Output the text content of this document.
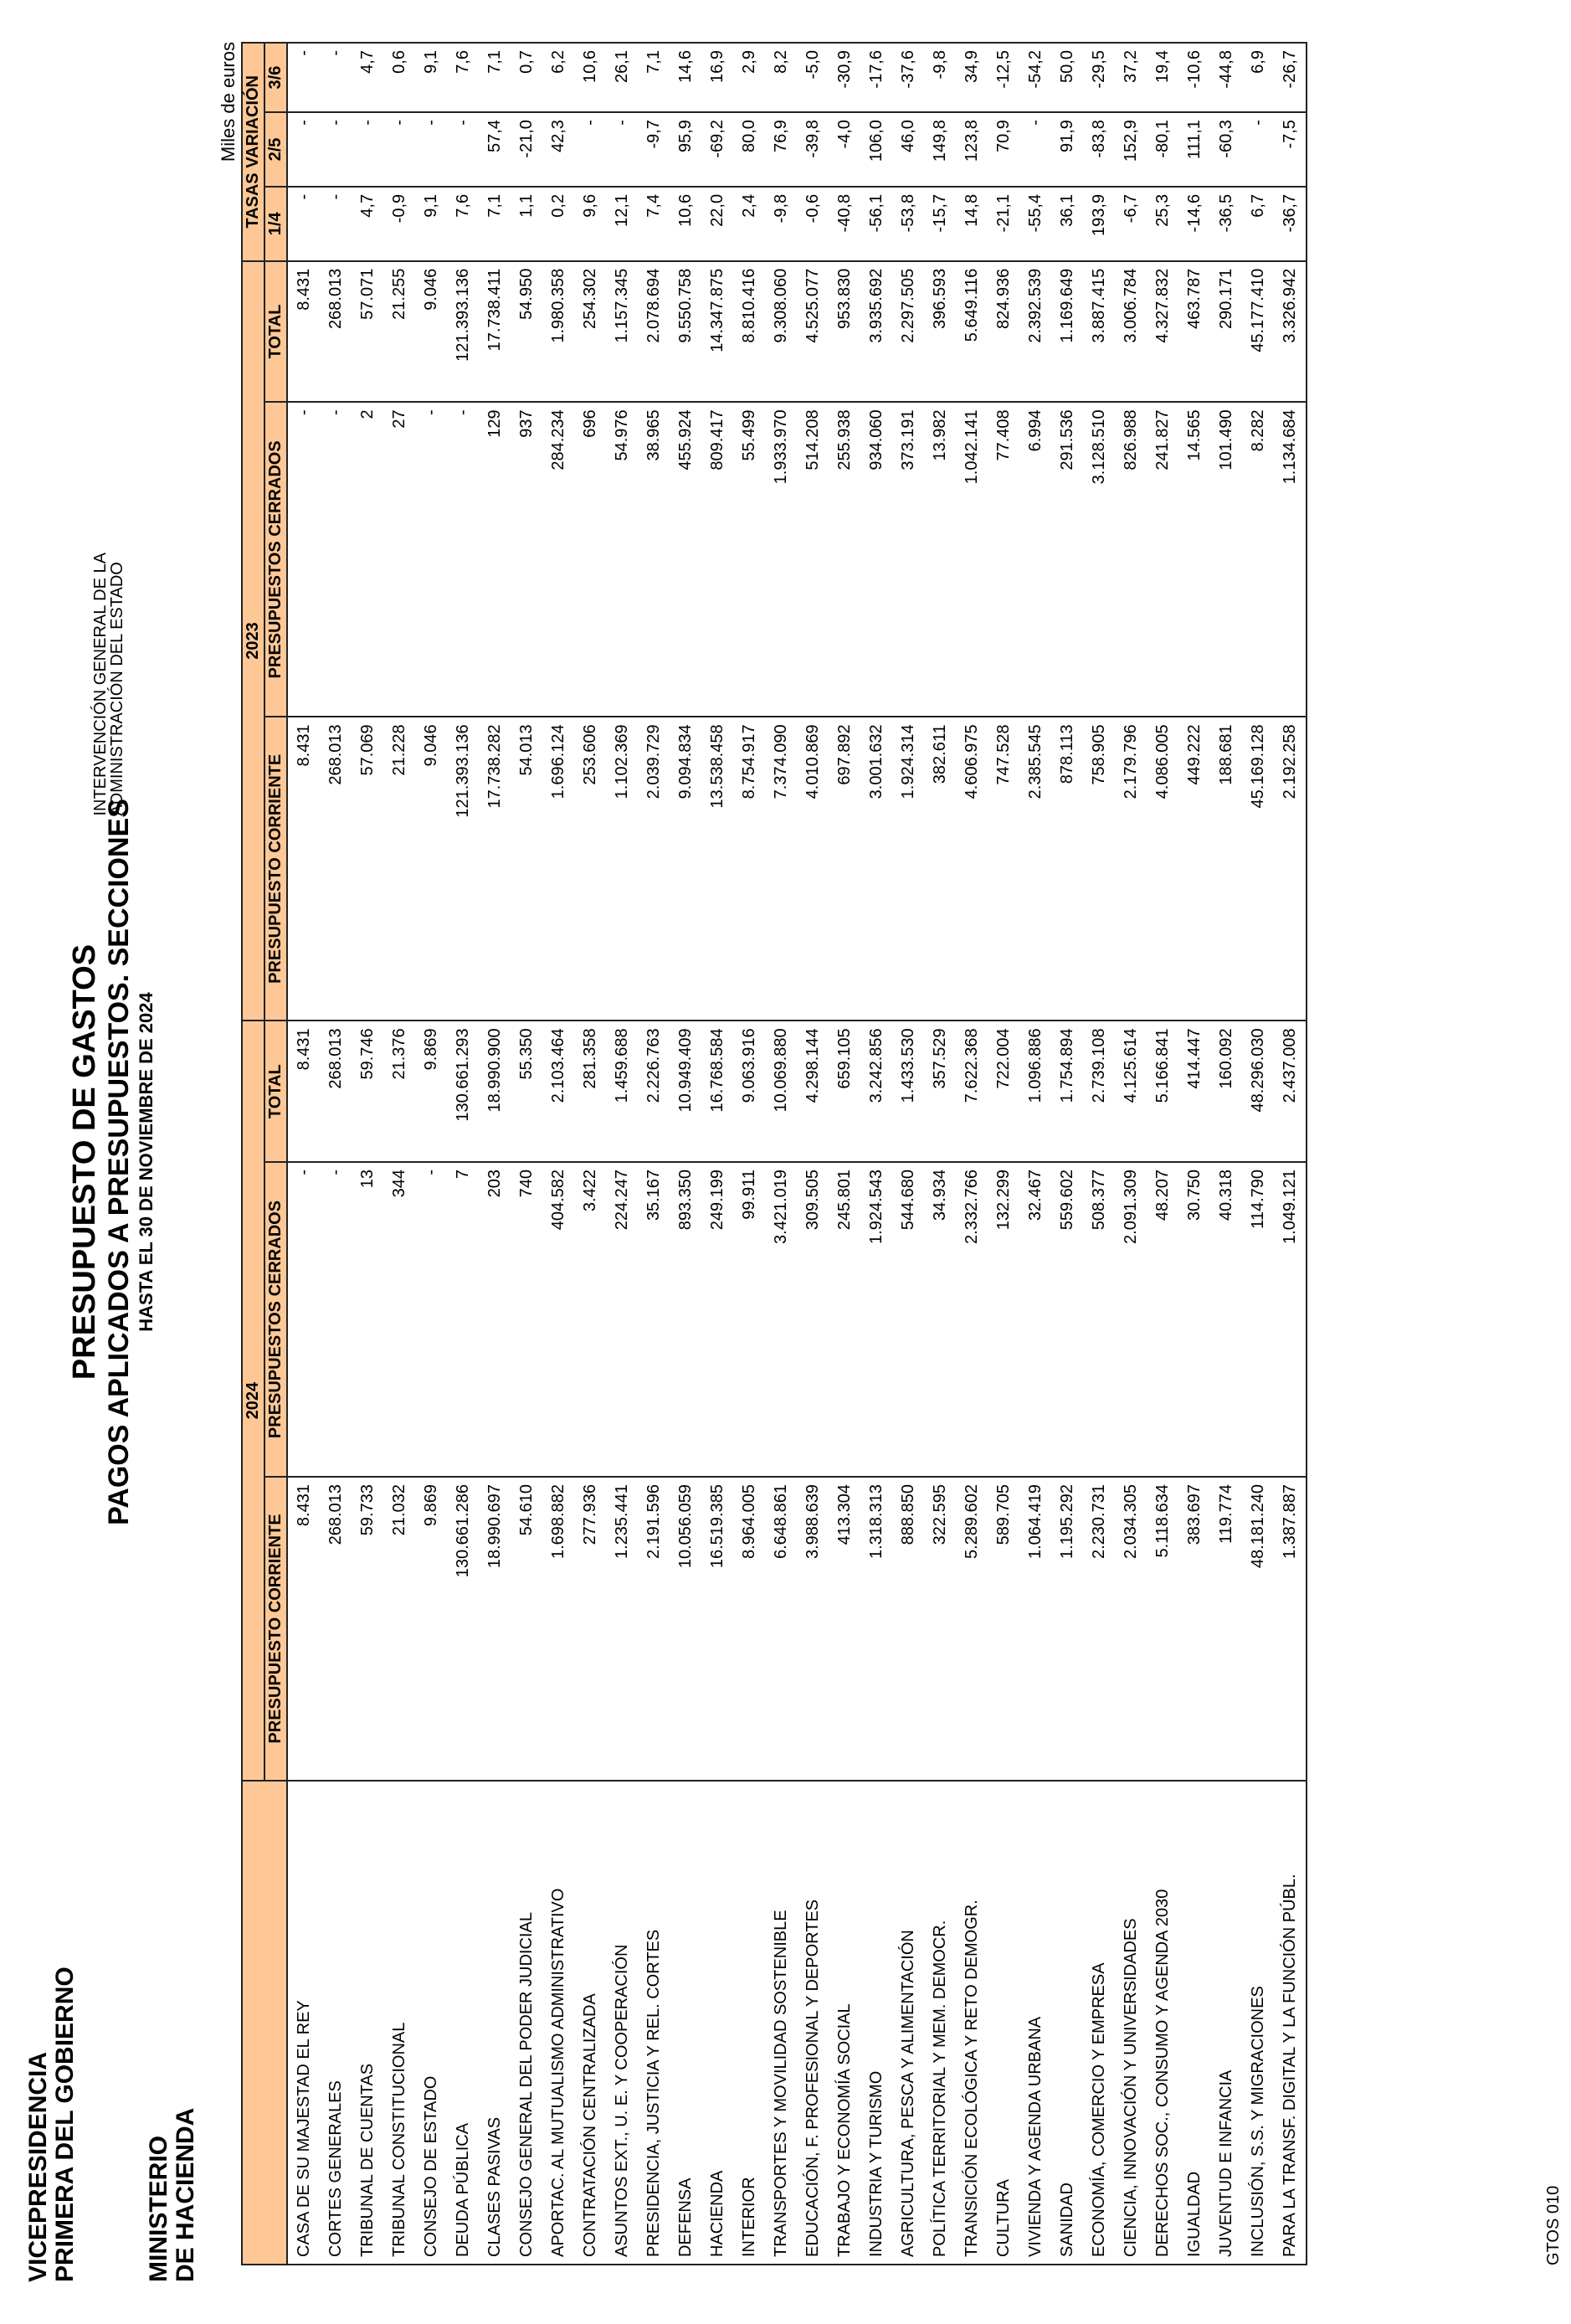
VICEPRESIDENCIA PRIMERA DEL GOBIERNO	MINISTERIO DE HACIENDA
PRESUPUESTO DE GASTOS PAGOS APLICADOS A PRESUPUESTOS. SECCIONES HASTA EL 30 DE NOVIEMBRE DE 2024
INTERVENCIÓN GENERAL DE LA
ADMINISTRACIÓN DEL ESTADO
Miles de euros
	2024			2023			TASAS VARIACIÓN		
	PRESUPUESTO CORRIENTE	PRESUPUESTOS CERRADOS	TOTAL	PRESUPUESTO CORRIENTE	PRESUPUESTOS CERRADOS	TOTAL	1/4	2/5	3/6
CASA DE SU MAJESTAD EL REY	8.431	-	8.431	8.431	-	8.431	-	-	-
CORTES GENERALES	268.013	-	268.013	268.013	-	268.013	-	-	-
TRIBUNAL DE CUENTAS	59.733	13	59.746	57.069	2	57.071	4,7	-	4,7
TRIBUNAL CONSTITUCIONAL	21.032	344	21.376	21.228	27	21.255	-0,9	-	0,6
CONSEJO DE ESTADO	9.869	-	9.869	9.046	-	9.046	9,1	-	9,1
DEUDA PÚBLICA	130.661.286	7	130.661.293	121.393.136	-	121.393.136	7,6	-	7,6
CLASES PASIVAS	18.990.697	203	18.990.900	17.738.282	129	17.738.411	7,1	57,4	7,1
CONSEJO GENERAL DEL PODER JUDICIAL	54.610	740	55.350	54.013	937	54.950	1,1	-21,0	0,7
APORTAC. AL MUTUALISMO ADMINISTRATIVO	1.698.882	404.582	2.103.464	1.696.124	284.234	1.980.358	0,2	42,3	6,2
CONTRATACIÓN CENTRALIZADA	277.936	3.422	281.358	253.606	696	254.302	9,6	-	10,6
ASUNTOS EXT., U. E. Y COOPERACIÓN	1.235.441	224.247	1.459.688	1.102.369	54.976	1.157.345	12,1	-	26,1
PRESIDENCIA, JUSTICIA Y REL. CORTES	2.191.596	35.167	2.226.763	2.039.729	38.965	2.078.694	7,4	-9,7	7,1
DEFENSA	10.056.059	893.350	10.949.409	9.094.834	455.924	9.550.758	10,6	95,9	14,6
HACIENDA	16.519.385	249.199	16.768.584	13.538.458	809.417	14.347.875	22,0	-69,2	16,9
INTERIOR	8.964.005	99.911	9.063.916	8.754.917	55.499	8.810.416	2,4	80,0	2,9
TRANSPORTES Y MOVILIDAD SOSTENIBLE	6.648.861	3.421.019	10.069.880	7.374.090	1.933.970	9.308.060	-9,8	76,9	8,2
EDUCACIÓN, F. PROFESIONAL Y DEPORTES	3.988.639	309.505	4.298.144	4.010.869	514.208	4.525.077	-0,6	-39,8	-5,0
TRABAJO Y ECONOMÍA SOCIAL	413.304	245.801	659.105	697.892	255.938	953.830	-40,8	-4,0	-30,9
INDUSTRIA Y TURISMO	1.318.313	1.924.543	3.242.856	3.001.632	934.060	3.935.692	-56,1	106,0	-17,6
AGRICULTURA, PESCA Y ALIMENTACIÓN	888.850	544.680	1.433.530	1.924.314	373.191	2.297.505	-53,8	46,0	-37,6
POLÍTICA TERRITORIAL Y MEM. DEMOCR.	322.595	34.934	357.529	382.611	13.982	396.593	-15,7	149,8	-9,8
TRANSICIÓN ECOLÓGICA Y RETO DEMOGR.	5.289.602	2.332.766	7.622.368	4.606.975	1.042.141	5.649.116	14,8	123,8	34,9
CULTURA	589.705	132.299	722.004	747.528	77.408	824.936	-21,1	70,9	-12,5
VIVIENDA Y AGENDA URBANA	1.064.419	32.467	1.096.886	2.385.545	6.994	2.392.539	-55,4	-	-54,2
SANIDAD	1.195.292	559.602	1.754.894	878.113	291.536	1.169.649	36,1	91,9	50,0
ECONOMÍA, COMERCIO Y EMPRESA	2.230.731	508.377	2.739.108	758.905	3.128.510	3.887.415	193,9	-83,8	-29,5
CIENCIA, INNOVACIÓN Y UNIVERSIDADES	2.034.305	2.091.309	4.125.614	2.179.796	826.988	3.006.784	-6,7	152,9	37,2
DERECHOS SOC., CONSUMO Y AGENDA 2030	5.118.634	48.207	5.166.841	4.086.005	241.827	4.327.832	25,3	-80,1	19,4
IGUALDAD	383.697	30.750	414.447	449.222	14.565	463.787	-14,6	111,1	-10,6
JUVENTUD E INFANCIA	119.774	40.318	160.092	188.681	101.490	290.171	-36,5	-60,3	-44,8
INCLUSIÓN, S.S. Y MIGRACIONES	48.181.240	114.790	48.296.030	45.169.128	8.282	45.177.410	6,7	-	6,9
PARA LA TRANSF. DIGITAL Y LA FUNCIÓN PÚBL.	1.387.887	1.049.121	2.437.008	2.192.258	1.134.684	3.326.942	-36,7	-7,5	-26,7
GTOS 010
